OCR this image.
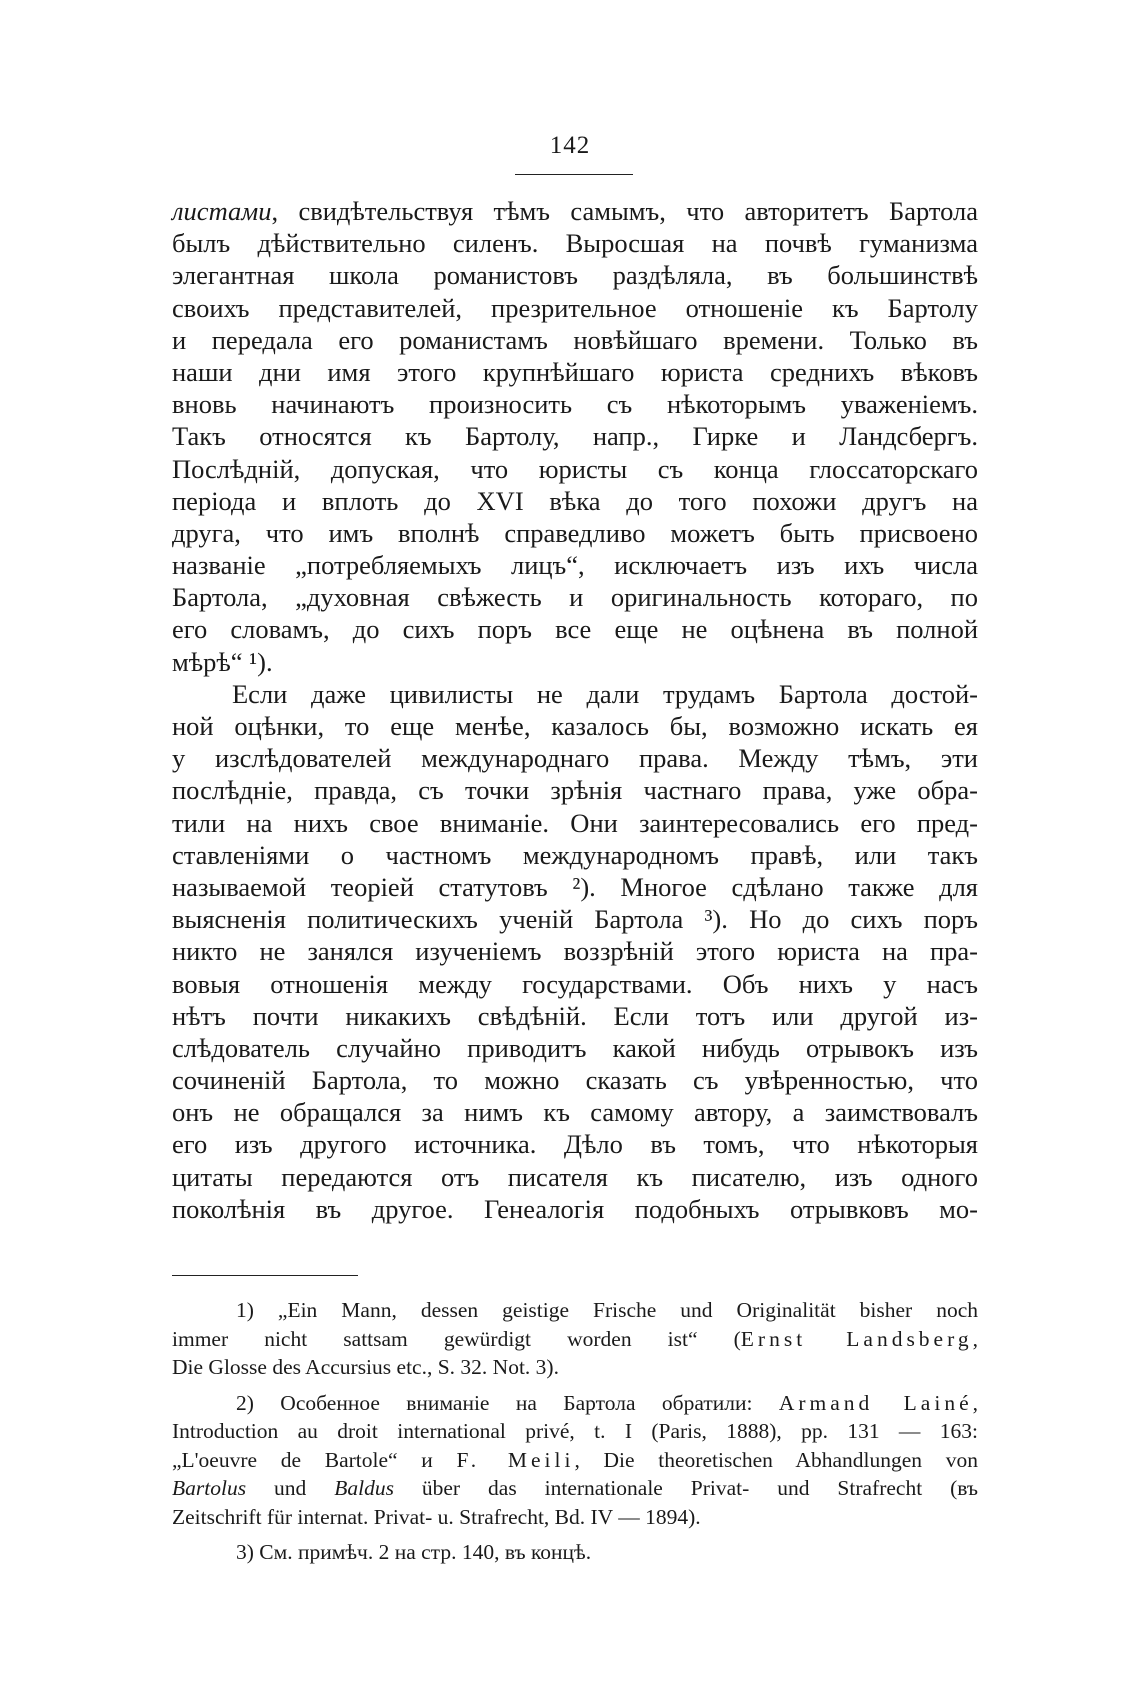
142
листами, свидѣтельствуя тѣмъ самымъ, что авторитетъ Бартола
былъ дѣйствительно силенъ. Выросшая на почвѣ гуманизма
элегантная школа романистовъ раздѣляла, въ большинствѣ
своихъ представителей, презрительное отношеніе къ Бартолу
и передала его романистамъ новѣйшаго времени. Только въ
наши дни имя этого крупнѣйшаго юриста среднихъ вѣковъ
вновь начинаютъ произносить съ нѣкоторымъ уваженіемъ.
Такъ относятся къ Бартолу, напр., Гирке и Ландсбергъ.
Послѣдній, допуская, что юристы съ конца глоссаторскаго
періода и вплоть до XVI вѣка до того похожи другъ на
друга, что имъ вполнѣ справедливо можетъ быть присвоено
названіе „потребляемыхъ лицъ“, исключаетъ изъ ихъ числа
Бартола, „духовная свѣжесть и оригинальность котораго, по
его словамъ, до сихъ поръ все еще не оцѣнена въ полной
мѣрѣ“ ¹).
Если даже цивилисты не дали трудамъ Бартола достой-
ной оцѣнки, то еще менѣе, казалось бы, возможно искать ея
у изслѣдователей международнаго права. Между тѣмъ, эти
послѣдніе, правда, съ точки зрѣнія частнаго права, уже обра-
тили на нихъ свое вниманіе. Они заинтересовались его пред-
ставленіями о частномъ международномъ правѣ, или такъ
называемой теоріей статутовъ ²). Многое сдѣлано также для
выясненія политическихъ ученій Бартола ³). Но до сихъ поръ
никто не занялся изученіемъ воззрѣній этого юриста на пра-
вовыя отношенія между государствами. Объ нихъ у насъ
нѣтъ почти никакихъ свѣдѣній. Если тотъ или другой из-
слѣдователь случайно приводитъ какой нибудь отрывокъ изъ
сочиненій Бартола, то можно сказать съ увѣренностью, что
онъ не обращался за нимъ къ самому автору, а заимствовалъ
его изъ другого источника. Дѣло въ томъ, что нѣкоторыя
цитаты передаются отъ писателя къ писателю, изъ одного
поколѣнія въ другое. Генеалогія подобныхъ отрывковъ мо-
1) „Ein Mann, dessen geistige Frische und Originalität bisher noch
immer nicht sattsam gewürdigt worden ist“ (Ernst Landsberg,
Die Glosse des Accursius etc., S. 32. Not. 3).
2) Особенное вниманіе на Бартола обратили: Armand Lainé,
Introduction au droit international privé, t. I (Paris, 1888), pp. 131 — 163:
„L'oeuvre de Bartole“ и F. Meili, Die theoretischen Abhandlungen von
Bartolus und Baldus über das internationale Privat- und Strafrecht (въ
Zeitschrift für internat. Privat- u. Strafrecht, Bd. IV — 1894).
3) См. примѣч. 2 на стр. 140, въ концѣ.
